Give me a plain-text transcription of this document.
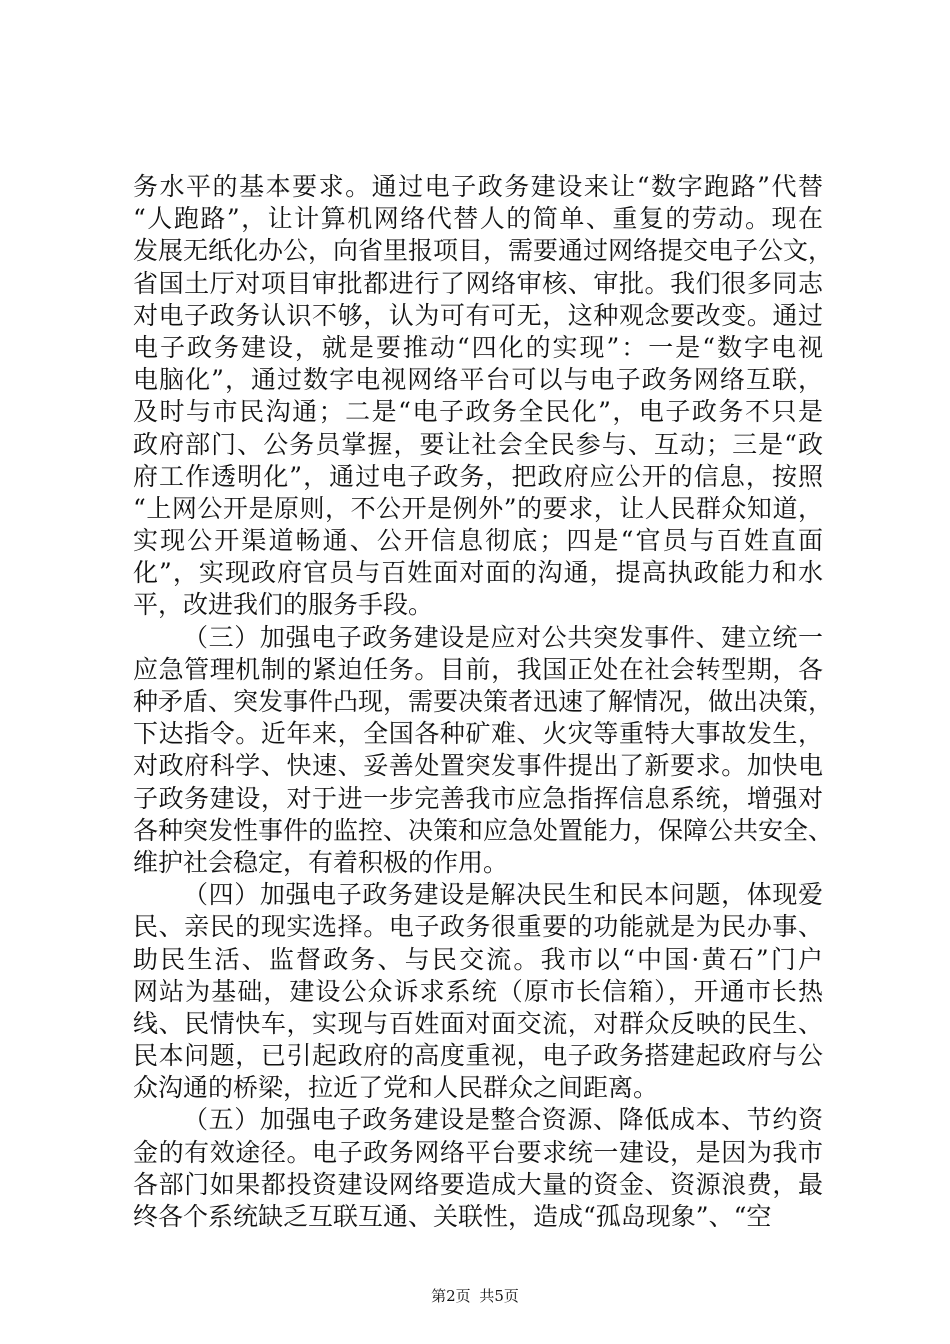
务水平的基本要求。通过电子政务建设来让“数字跑路”代替
“人跑路”，让计算机网络代替人的简单、重复的劳动。现在
发展无纸化办公，向省里报项目，需要通过网络提交电子公文，
省国土厅对项目审批都进行了网络审核、审批。我们很多同志
对电子政务认识不够，认为可有可无，这种观念要改变。通过
电子政务建设，就是要推动“四化的实现”：一是“数字电视
电脑化”，通过数字电视网络平台可以与电子政务网络互联，
及时与市民沟通；二是“电子政务全民化”，电子政务不只是
政府部门、公务员掌握，要让社会全民参与、互动；三是“政
府工作透明化”，通过电子政务，把政府应公开的信息，按照
“上网公开是原则，不公开是例外”的要求，让人民群众知道，
实现公开渠道畅通、公开信息彻底；四是“官员与百姓直面
化”，实现政府官员与百姓面对面的沟通，提高执政能力和水
平，改进我们的服务手段。
（三）加强电子政务建设是应对公共突发事件、建立统一
应急管理机制的紧迫任务。目前，我国正处在社会转型期，各
种矛盾、突发事件凸现，需要决策者迅速了解情况，做出决策，
下达指令。近年来，全国各种矿难、火灾等重特大事故发生，
对政府科学、快速、妥善处置突发事件提出了新要求。加快电
子政务建设，对于进一步完善我市应急指挥信息系统，增强对
各种突发性事件的监控、决策和应急处置能力，保障公共安全、
维护社会稳定，有着积极的作用。
（四）加强电子政务建设是解决民生和民本问题，体现爱
民、亲民的现实选择。电子政务很重要的功能就是为民办事、
助民生活、监督政务、与民交流。我市以“中国·黄石”门户
网站为基础，建设公众诉求系统（原市长信箱），开通市长热
线、民情快车，实现与百姓面对面交流，对群众反映的民生、
民本问题，已引起政府的高度重视，电子政务搭建起政府与公
众沟通的桥梁，拉近了党和人民群众之间距离。
（五）加强电子政务建设是整合资源、降低成本、节约资
金的有效途径。电子政务网络平台要求统一建设，是因为我市
各部门如果都投资建设网络要造成大量的资金、资源浪费，最
终各个系统缺乏互联互通、关联性，造成“孤岛现象”、“空
第2页 共5页
